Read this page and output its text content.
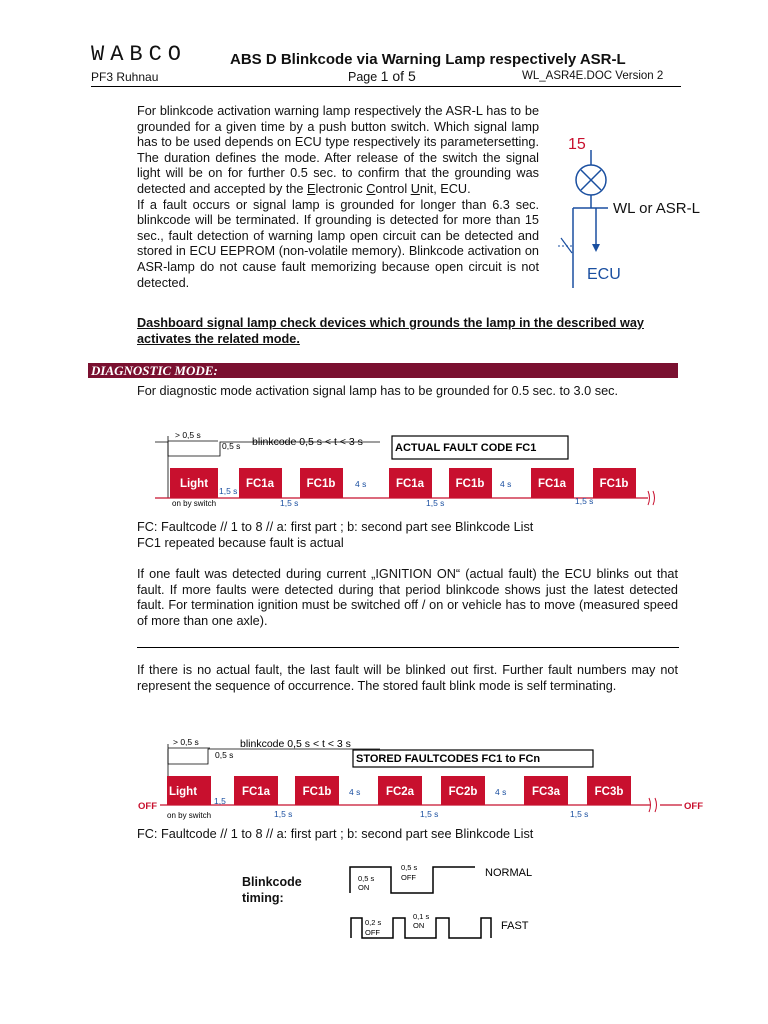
WABCO	ABS D Blinkcode via Warning Lamp respectively ASR-L
PF3 Ruhnau	Page 1 of 5	WL_ASR4E.DOC Version 2

For blinkcode activation warning lamp respectively the ASR-L has to be grounded for a given time by a push button switch. Which signal lamp has to be used depends on ECU type respectively its parametersetting. The duration defines the mode. After release of the switch the signal light will be on for further 0.5 sec. to confirm that the grounding was detected and accepted by the Electronic Control Unit, ECU.

If a fault occurs or signal lamp is grounded for longer than 6.3 sec. blinkcode will be terminated. If grounding is detected for more than 15 sec., fault detection of warning lamp open circuit can be detected and stored in ECU EEPROM (non-volatile memory). Blinkcode activation on ASR-lamp do not cause fault memorizing because open circuit is not detected.

15
WL or ASR-L
ECU
Dashboard signal lamp check devices which grounds the lamp in the described way activates the related mode.
DIAGNOSTIC MODE:
For diagnostic mode activation signal lamp has to be grounded for 0.5 sec. to 3.0 sec.
> 0,5 s
0,5 s blinkcode 0,5 s < t < 3 s	ACTUAL FAULT CODE FC1
Light	FC1a	FC1b	FC1a	FC1b	FC1a	FC1b
4 s	4 s
1,5 s
1,5 s	1,5 s	1,5 s
on by switch
FC: Faultcode // 1 to 8 // a: first part ; b: second part see Blinkcode List
FC1 repeated because fault is actual
If one fault was detected during current „IGNITION ON“ (actual fault) the ECU blinks out that fault. If more faults were detected during that period blinkcode shows just the latest detected fault. For termination ignition must be switched off / on or vehicle has to move (measured speed of more than one axle).
If there is no actual fault, the last fault will be blinked out first. Further fault numbers may not represent the sequence of occurrence. The stored fault blink mode is self terminating.
> 0,5 s
0,5 s
blinkcode 0,5 s < t < 3 s
STORED FAULTCODES FC1 to FCn
OFF	OFF
Light	FC1a	FC1b	FC2a	FC2b	FC3a	FC3b
4 s	4 s
1,5
1,5 s	1,5 s	1,5 s
on by switch
FC: Faultcode // 1 to 8 // a: first part ; b: second part see Blinkcode List
Blinkcode
timing:
0,5 s
ON
0,5 s
OFF	NORMAL
0,2 s
OFF
0,1 s
ON	FAST
